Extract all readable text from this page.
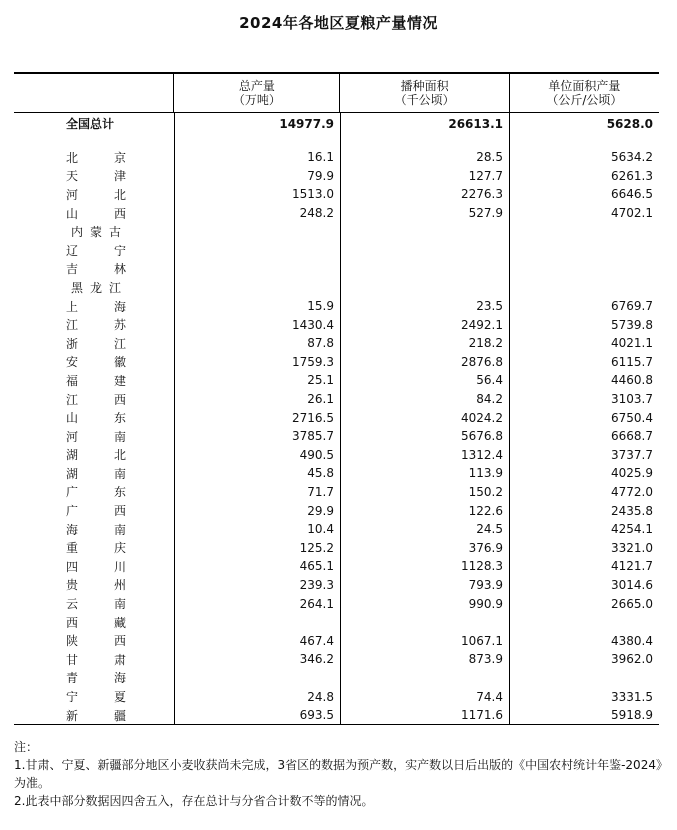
2024年各地区夏粮产量情况
总产量
（万吨）
播种面积
（千公顷）
单位面积产量
（公斤/公顷）
全国总计	14977.9	26613.1	5628.0
北	京	16.1	28.5	5634.2
天	津	79.9	127.7	6261.3
河	北	1513.0	2276.3	6646.5
山	西	248.2	527.9	4702.1
内 蒙 古
辽	宁
吉	林
黑 龙 江
上	海	15.9	23.5	6769.7
江	苏	1430.4	2492.1	5739.8
浙	江	87.8	218.2	4021.1
安	徽	1759.3	2876.8	6115.7
福	建	25.1	56.4	4460.8
江	西	26.1	84.2	3103.7
山	东	2716.5	4024.2	6750.4
河	南	3785.7	5676.8	6668.7
湖	北	490.5	1312.4	3737.7
湖	南	45.8	113.9	4025.9
广	东	71.7	150.2	4772.0
广	西	29.9	122.6	2435.8
海	南	10.4	24.5	4254.1
重	庆	125.2	376.9	3321.0
四	川	465.1	1128.3	4121.7
贵	州	239.3	793.9	3014.6
云	南	264.1	990.9	2665.0
西	藏
陕	西	467.4	1067.1	4380.4
甘	肃	346.2	873.9	3962.0
青	海
宁	夏	24.8	74.4	3331.5
新	疆	693.5	1171.6	5918.9
注：
1.甘肃、宁夏、新疆部分地区小麦收获尚未完成，3省区的数据为预产数，实产数以日后出版的《中国农村统计年鉴-2024》为准。
2.此表中部分数据因四舍五入，存在总计与分省合计数不等的情况。
